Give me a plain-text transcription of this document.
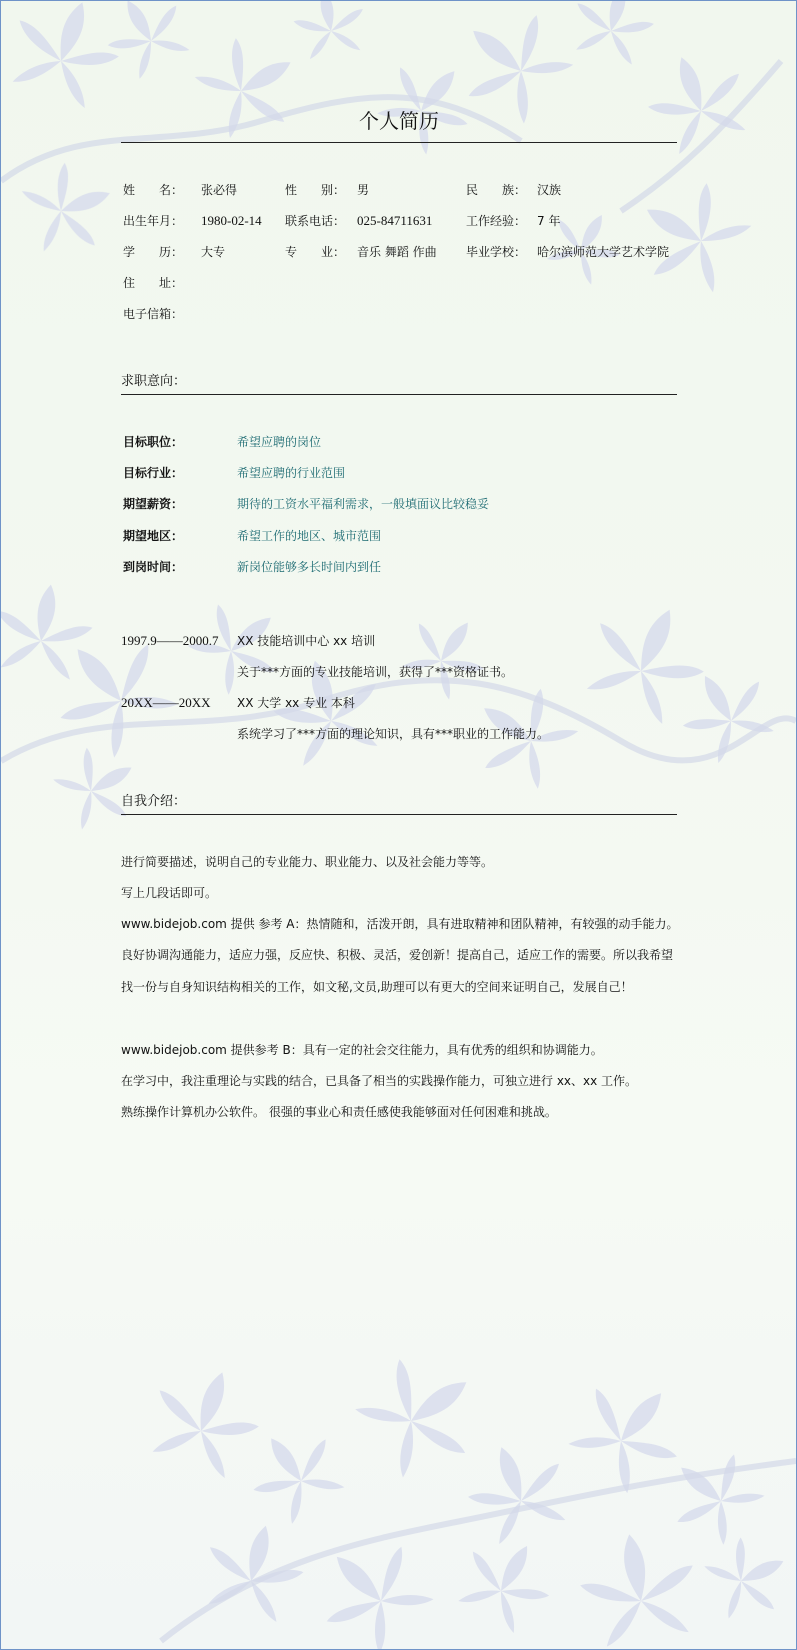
个人简历
姓　　名： 张必得	性　　别： 男	民　　族： 汉族
出生年月： 1980-02-14 联系电话： 025-84711631	工作经验： 7 年
学　　历： 大专	专　　业： 音乐 舞蹈 作曲 毕业学校： 哈尔滨师范大学艺术学院
住　　址：
电子信箱：
求职意向：
目标职位：	希望应聘的岗位
目标行业：	希望应聘的行业范围
期望薪资：	期待的工资水平福利需求，一般填面议比较稳妥
期望地区：	希望工作的地区、城市范围
到岗时间：	新岗位能够多长时间内到任
1997.9——2000.7 XX 技能培训中心 xx 培训
关于***方面的专业技能培训，获得了***资格证书。
20XX——20XX XX 大学 xx 专业 本科
系统学习了***方面的理论知识，具有***职业的工作能力。
自我介绍：
进行简要描述，说明自己的专业能力、职业能力、以及社会能力等等。
写上几段话即可。
www.bidejob.com 提供 参考 A：热情随和，活泼开朗，具有进取精神和团队精神，有较强的动手能力。
良好协调沟通能力，适应力强，反应快、积极、灵活，爱创新！提高自己，适应工作的需要。所以我希望
找一份与自身知识结构相关的工作，如文秘,文员,助理可以有更大的空间来证明自己，发展自己！
www.bidejob.com 提供参考 B：具有一定的社会交往能力，具有优秀的组织和协调能力。
在学习中，我注重理论与实践的结合，已具备了相当的实践操作能力，可独立进行 xx、xx 工作。
熟练操作计算机办公软件。 很强的事业心和责任感使我能够面对任何困难和挑战。
